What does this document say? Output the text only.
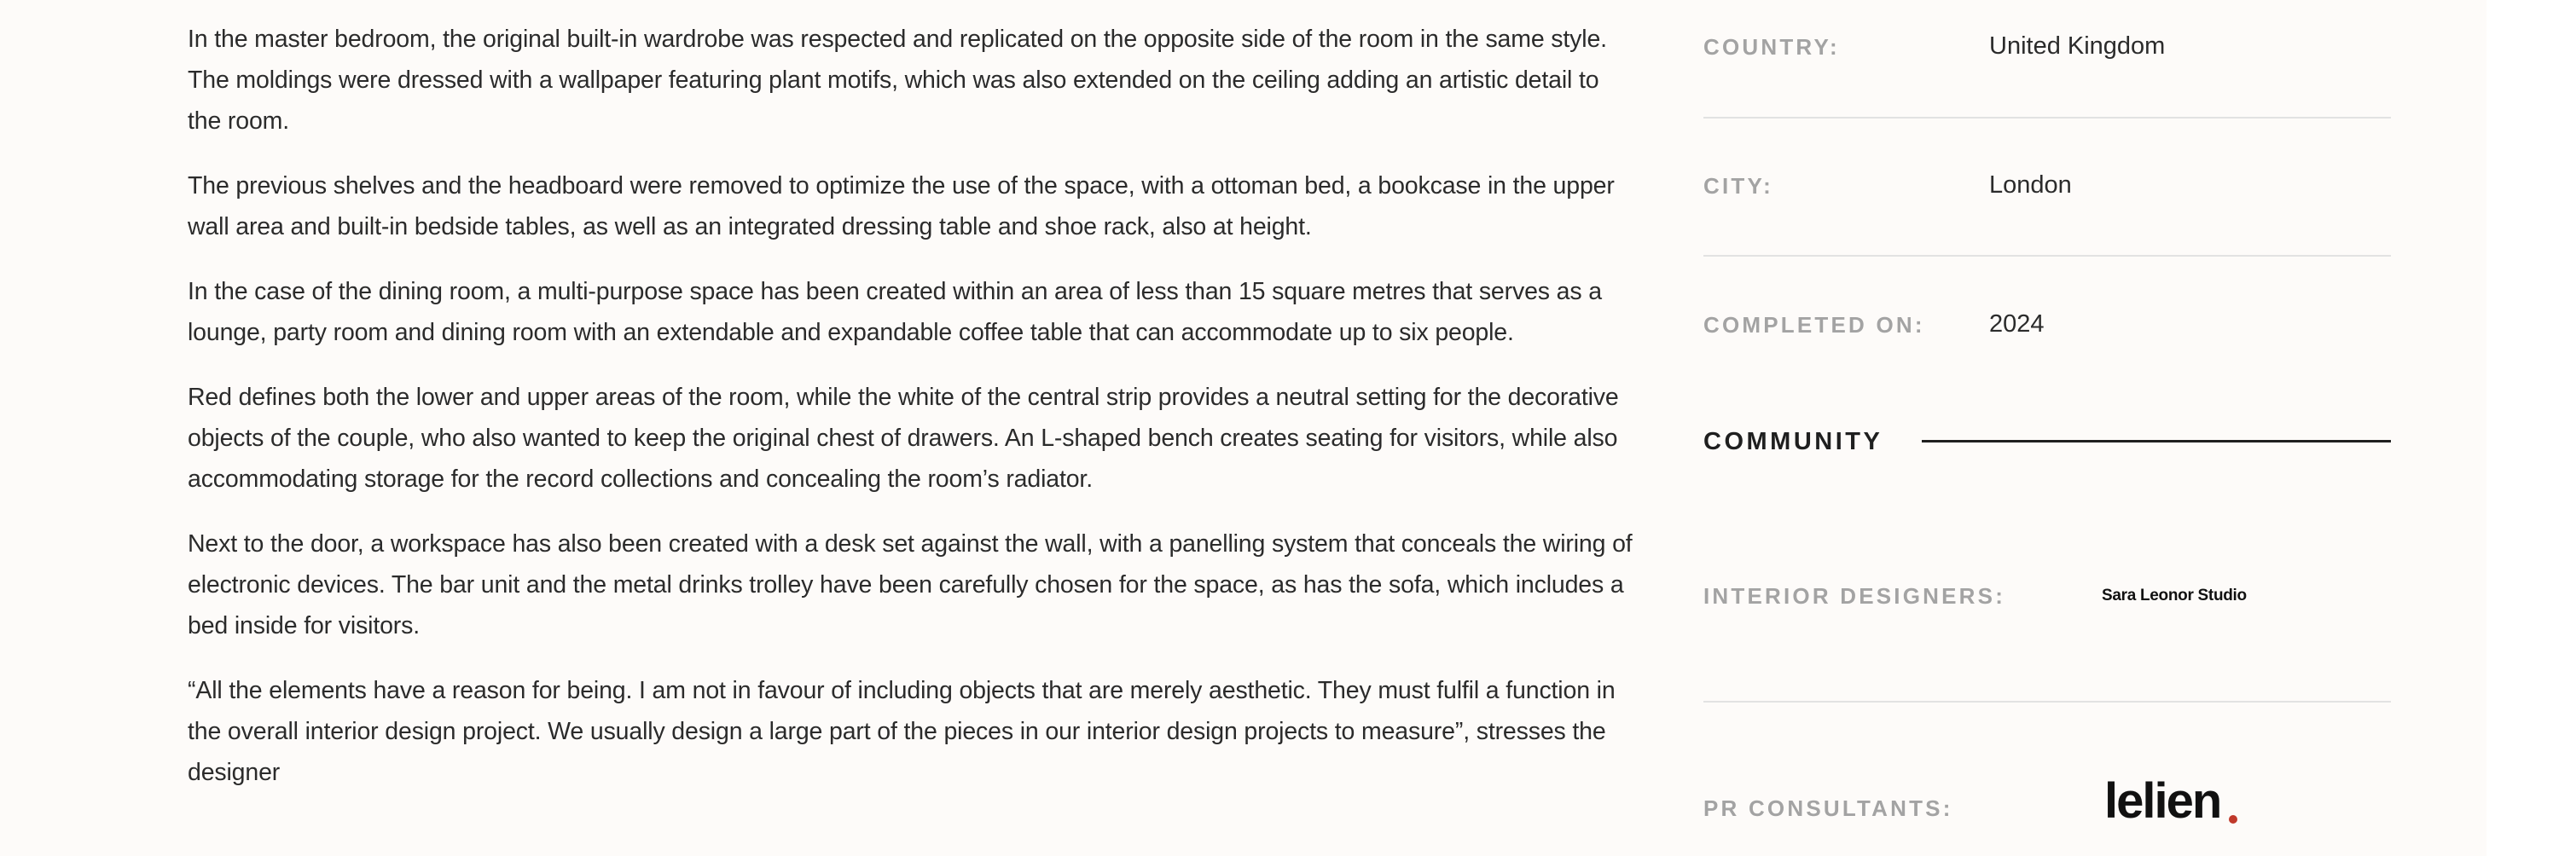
In the master bedroom, the original built-in wardrobe was respected and replicated on the opposite side of the room in the same style. The moldings were dressed with a wallpaper featuring plant motifs, which was also extended on the ceiling adding an artistic detail to the room.

The previous shelves and the headboard were removed to optimize the use of the space, with a ottoman bed, a bookcase in the upper wall area and built-in bedside tables, as well as an integrated dressing table and shoe rack, also at height.

In the case of the dining room, a multi-purpose space has been created within an area of less than 15 square metres that serves as a lounge, party room and dining room with an extendable and expandable coffee table that can accommodate up to six people.

Red defines both the lower and upper areas of the room, while the white of the central strip provides a neutral setting for the decorative objects of the couple, who also wanted to keep the original chest of drawers. An L-shaped bench creates seating for visitors, while also accommodating storage for the record collections and concealing the room’s radiator.

Next to the door, a workspace has also been created with a desk set against the wall, with a panelling system that conceals the wiring of electronic devices. The bar unit and the metal drinks trolley have been carefully chosen for the space, as has the sofa, which includes a bed inside for visitors.

“All the elements have a reason for being. I am not in favour of including objects that are merely aesthetic. They must fulfil a function in the overall interior design project. We usually design a large part of the pieces in our interior design projects to measure”, stresses the designer

COUNTRY:	United Kingdom
CITY:	London
COMPLETED ON:	2024
COMMUNITY
INTERIOR DESIGNERS:	Sara Leonor Studio
PR CONSULTANTS:	lelien
